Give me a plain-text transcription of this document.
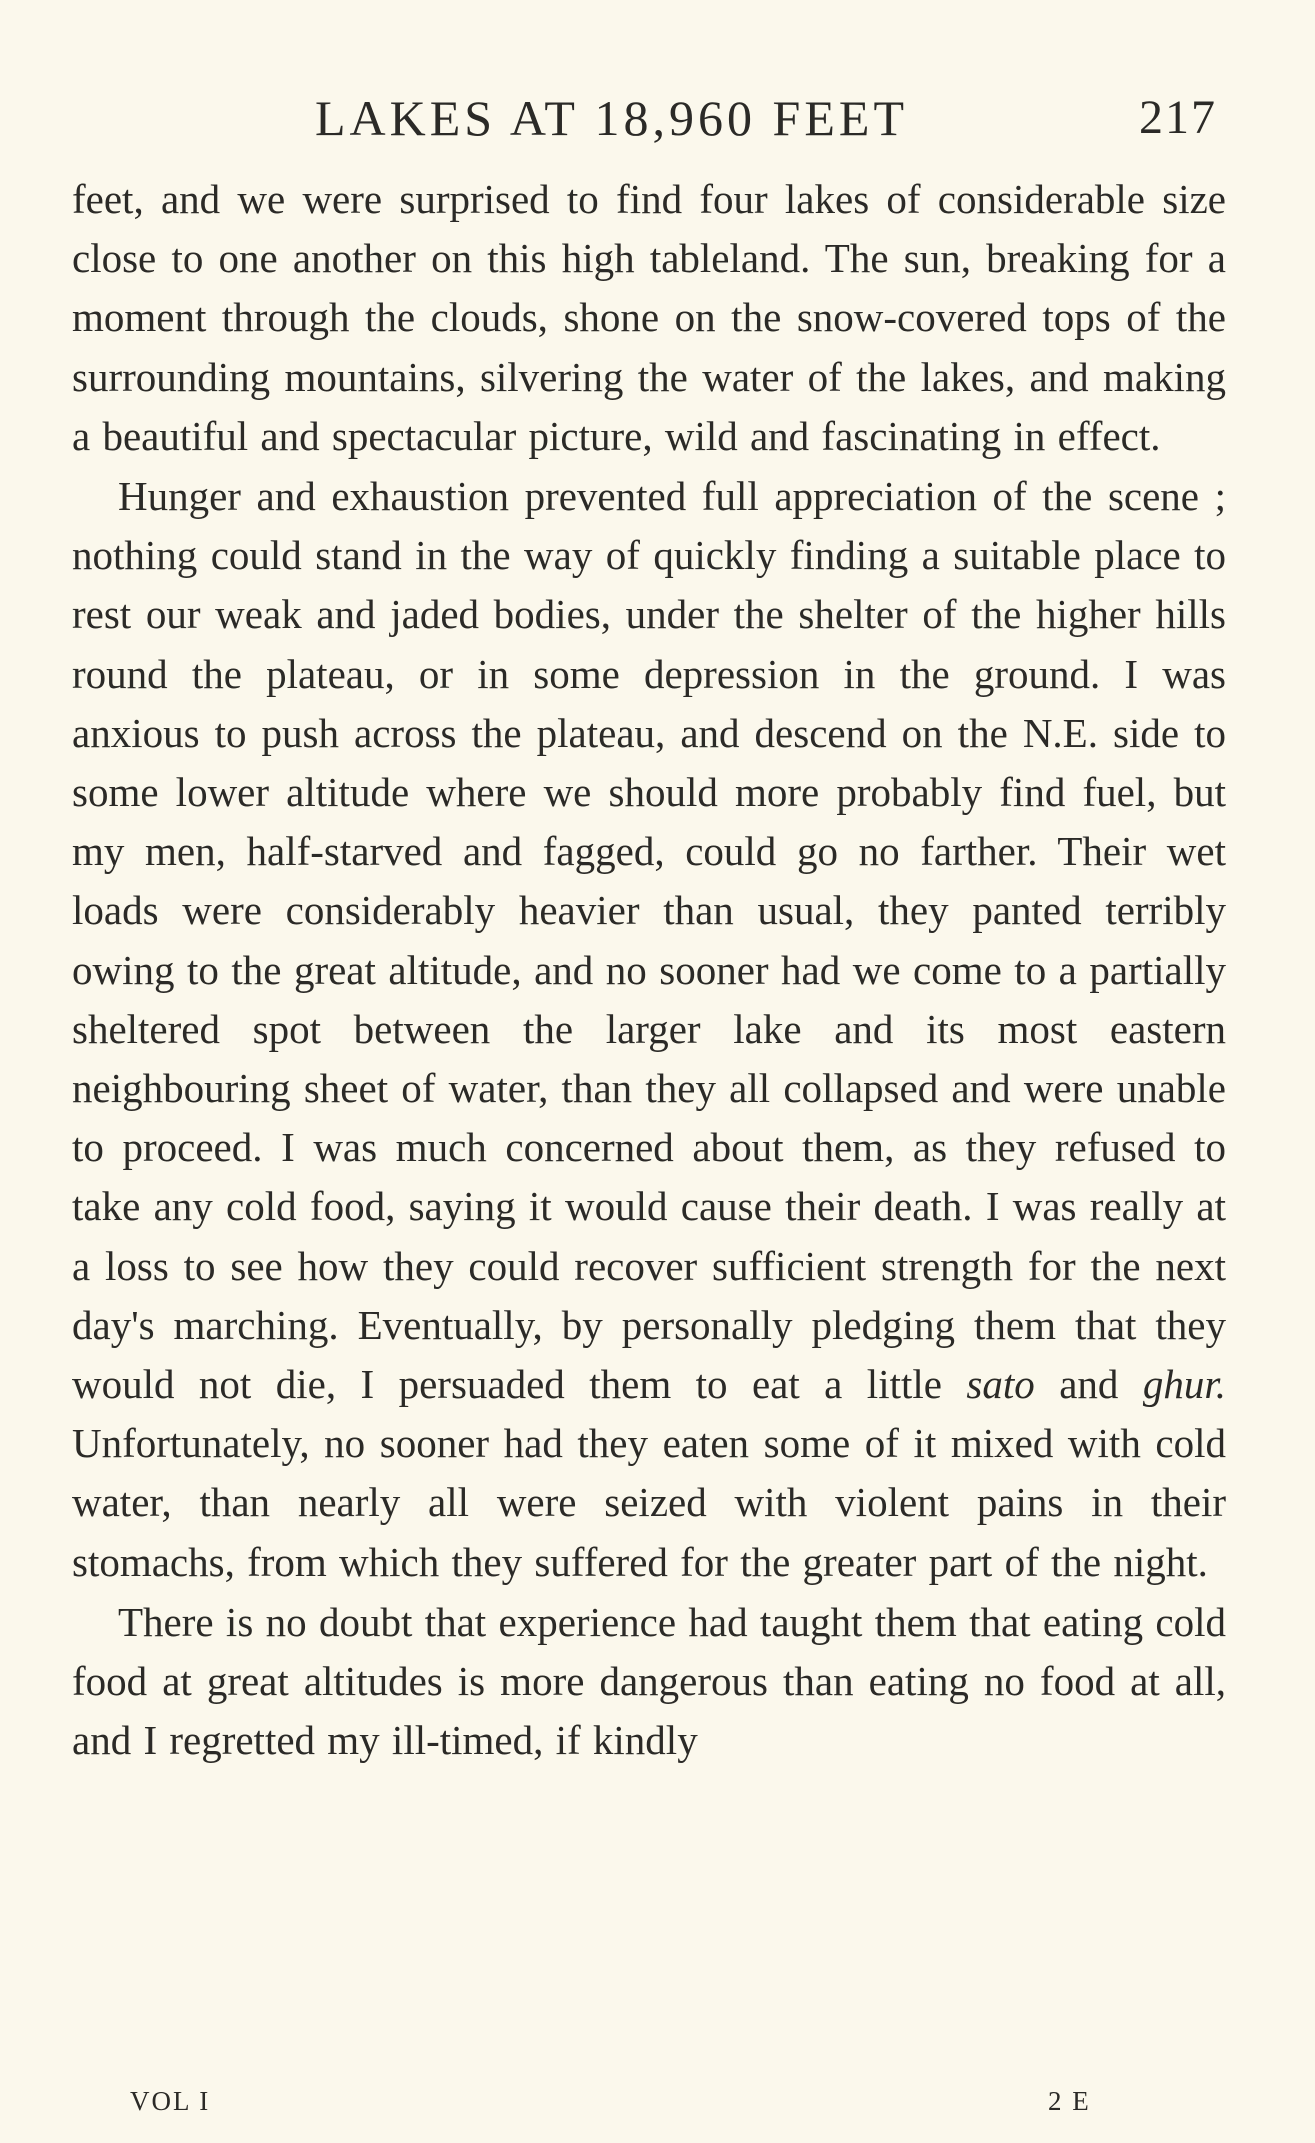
LAKES AT 18,960 FEET	217

feet, and we were surprised to find four lakes of considerable size close to one another on this high tableland. The sun, breaking for a moment through the clouds, shone on the snow-covered tops of the surrounding mountains, silvering the water of the lakes, and making a beautiful and spectacular picture, wild and fascinating in effect.

Hunger and exhaustion prevented full appreciation of the scene ; nothing could stand in the way of quickly finding a suitable place to rest our weak and jaded bodies, under the shelter of the higher hills round the plateau, or in some depression in the ground. I was anxious to push across the plateau, and descend on the N.E. side to some lower altitude where we should more probably find fuel, but my men, half-starved and fagged, could go no farther. Their wet loads were considerably heavier than usual, they panted terribly owing to the great altitude, and no sooner had we come to a partially sheltered spot between the larger lake and its most eastern neighbouring sheet of water, than they all collapsed and were unable to proceed. I was much concerned about them, as they refused to take any cold food, saying it would cause their death. I was really at a loss to see how they could recover sufficient strength for the next day's marching. Eventually, by personally pledging them that they would not die, I persuaded them to eat a little sato and ghur. Unfortunately, no sooner had they eaten some of it mixed with cold water, than nearly all were seized with violent pains in their stomachs, from which they suffered for the greater part of the night.

There is no doubt that experience had taught them that eating cold food at great altitudes is more dangerous than eating no food at all, and I regretted my ill-timed, if kindly

VOL I	2 E
